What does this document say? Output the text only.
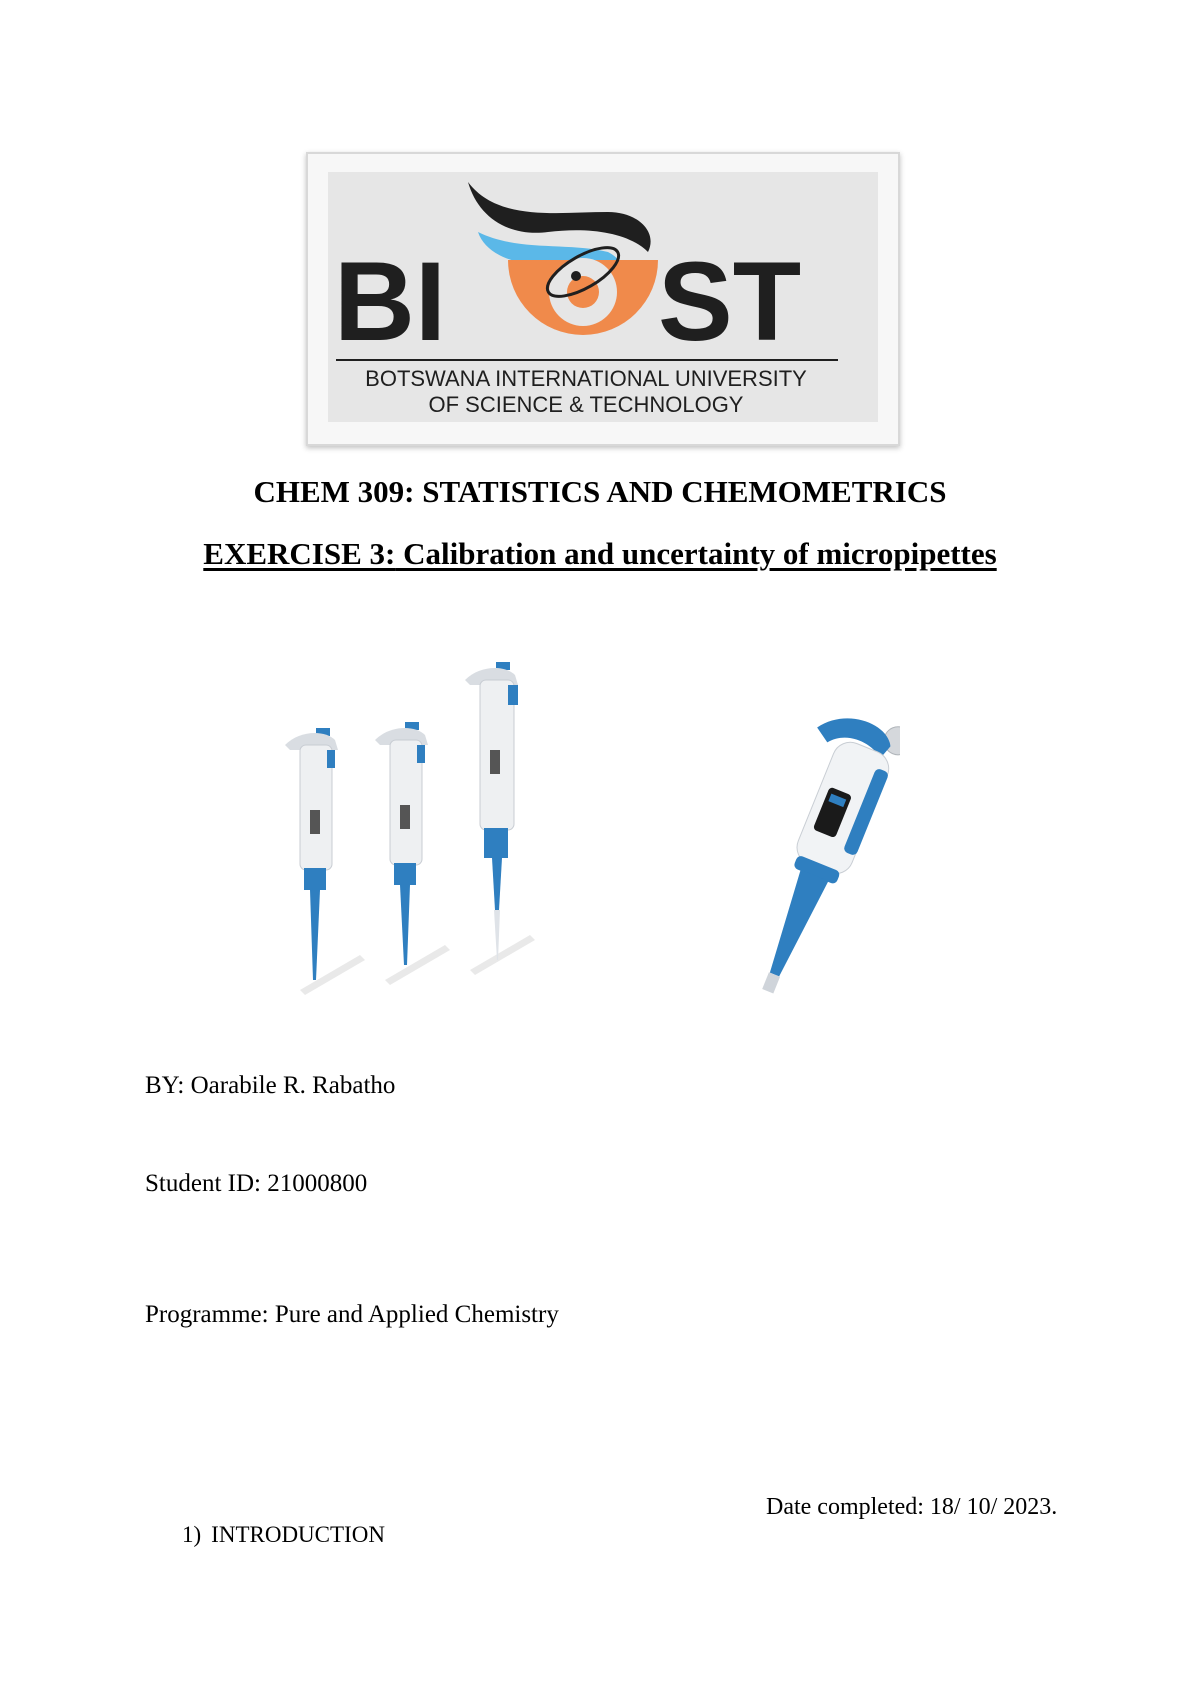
BI ST
BOTSWANA INTERNATIONAL UNIVERSITY
OF SCIENCE & TECHNOLOGY
CHEM 309: STATISTICS AND CHEMOMETRICS
EXERCISE 3: Calibration and uncertainty of micropipettes
BY: Oarabile R. Rabatho
Student ID: 21000800
Programme: Pure and Applied Chemistry
Date completed: 18/ 10/ 2023.
1) INTRODUCTION
